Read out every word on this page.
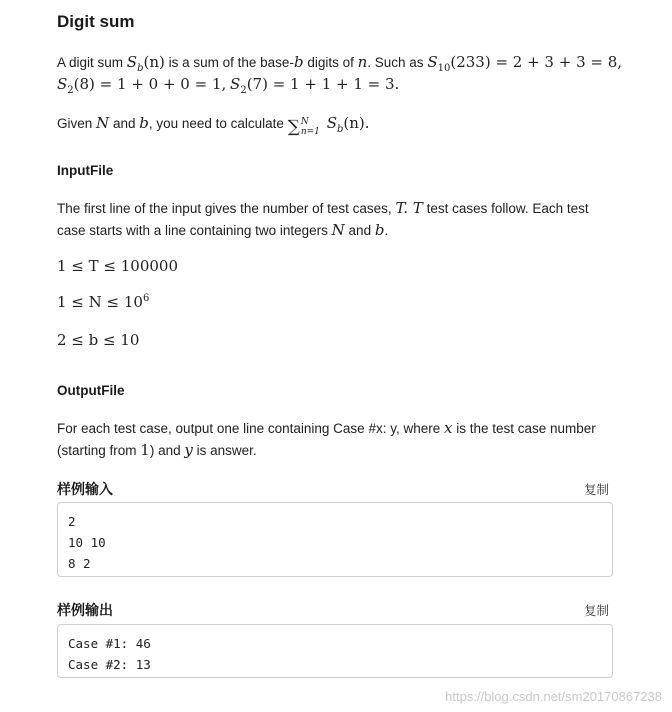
Digit sum
A digit sum $S_b(n)$ is a sum of the base-b digits of n. Such as $S_{10}(233) = 2 + 3 + 3 = 8$,
$S_2(8) = 1 + 0 + 0 = 1$, $S_2(7) = 1 + 1 + 1 = 3$.
Given N and b, you need to calculate ∑ N
n=1 $S_b(n)$.
InputFile
The first line of the input gives the number of test cases, T. T test cases follow. Each test
case starts with a line containing two integers N and b.
1 ≤ T ≤ 100000
$1 \le N \le 10^6$
2 ≤ b ≤ 10
OutputFile
For each test case, output one line containing Case #x: y, where x is the test case number
(starting from 1) and y is answer.
样例输入	复制
2
10 10
8 2
样例输出	复制
Case #1: 46
Case #2: 13
https://blog.csdn.net/sm20170867238
